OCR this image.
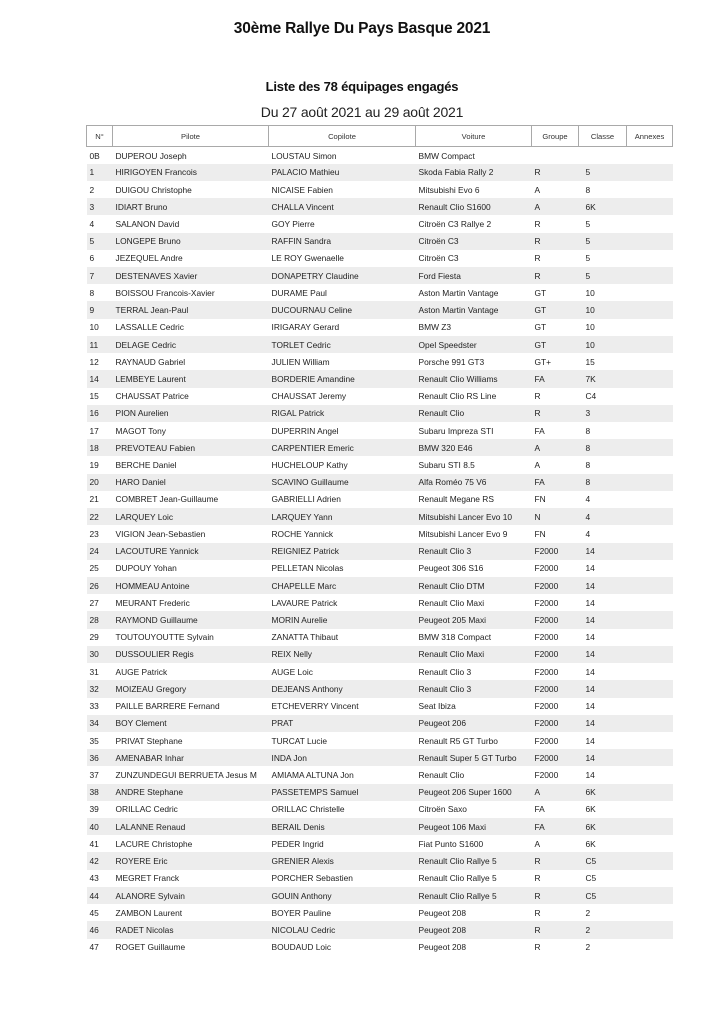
30ème Rallye Du Pays Basque 2021
Liste des 78 équipages engagés
Du 27 août 2021 au 29 août 2021
N°	Pilote	Copilote	Voiture	Groupe	Classe	Annexes
0B	DUPEROU Joseph	LOUSTAU Simon	BMW Compact			
1	HIRIGOYEN Francois	PALACIO Mathieu	Skoda Fabia Rally 2	R	5	
2	DUIGOU Christophe	NICAISE Fabien	Mitsubishi Evo 6	A	8	
3	IDIART Bruno	CHALLA Vincent	Renault Clio S1600	A	6K	
4	SALANON David	GOY Pierre	Citroën C3 Rallye 2	R	5	
5	LONGEPE Bruno	RAFFIN Sandra	Citroën C3	R	5	
6	JEZEQUEL Andre	LE ROY Gwenaelle	Citroën C3	R	5	
7	DESTENAVES Xavier	DONAPETRY Claudine	Ford Fiesta	R	5	
8	BOISSOU Francois-Xavier	DURAME Paul	Aston Martin Vantage	GT	10	
9	TERRAL Jean-Paul	DUCOURNAU Celine	Aston Martin Vantage	GT	10	
10	LASSALLE Cedric	IRIGARAY Gerard	BMW Z3	GT	10	
11	DELAGE Cedric	TORLET Cedric	Opel Speedster	GT	10	
12	RAYNAUD Gabriel	JULIEN William	Porsche 991 GT3	GT+	15	
14	LEMBEYE Laurent	BORDERIE Amandine	Renault Clio Williams	FA	7K	
15	CHAUSSAT Patrice	CHAUSSAT Jeremy	Renault Clio RS Line	R	C4	
16	PION Aurelien	RIGAL Patrick	Renault Clio	R	3	
17	MAGOT Tony	DUPERRIN Angel	Subaru Impreza STI	FA	8	
18	PREVOTEAU Fabien	CARPENTIER Emeric	BMW 320 E46	A	8	
19	BERCHE Daniel	HUCHELOUP Kathy	Subaru STI 8.5	A	8	
20	HARO Daniel	SCAVINO Guillaume	Alfa Roméo 75 V6	FA	8	
21	COMBRET Jean-Guillaume	GABRIELLI Adrien	Renault Megane RS	FN	4	
22	LARQUEY Loic	LARQUEY Yann	Mitsubishi Lancer Evo 10	N	4	
23	VIGION Jean-Sebastien	ROCHE Yannick	Mitsubishi Lancer Evo 9	FN	4	
24	LACOUTURE Yannick	REIGNIEZ Patrick	Renault Clio 3	F2000	14	
25	DUPOUY Yohan	PELLETAN Nicolas	Peugeot 306 S16	F2000	14	
26	HOMMEAU Antoine	CHAPELLE Marc	Renault Clio DTM	F2000	14	
27	MEURANT Frederic	LAVAURE Patrick	Renault Clio Maxi	F2000	14	
28	RAYMOND Guillaume	MORIN Aurelie	Peugeot 205 Maxi	F2000	14	
29	TOUTOUYOUTTE Sylvain	ZANATTA Thibaut	BMW 318 Compact	F2000	14	
30	DUSSOULIER Regis	REIX Nelly	Renault Clio Maxi	F2000	14	
31	AUGE Patrick	AUGE Loic	Renault Clio 3	F2000	14	
32	MOIZEAU Gregory	DEJEANS Anthony	Renault Clio 3	F2000	14	
33	PAILLE BARRERE Fernand	ETCHEVERRY Vincent	Seat Ibiza	F2000	14	
34	BOY Clement	PRAT	Peugeot 206	F2000	14	
35	PRIVAT Stephane	TURCAT Lucie	Renault R5 GT Turbo	F2000	14	
36	AMENABAR Inhar	INDA Jon	Renault Super 5 GT Turbo	F2000	14	
37	ZUNZUNDEGUI BERRUETA Jesus M	AMIAMA ALTUNA Jon	Renault Clio	F2000	14	
38	ANDRE Stephane	PASSETEMPS Samuel	Peugeot 206 Super 1600	A	6K	
39	ORILLAC Cedric	ORILLAC Christelle	Citroën Saxo	FA	6K	
40	LALANNE Renaud	BERAIL Denis	Peugeot 106 Maxi	FA	6K	
41	LACURE Christophe	PEDER Ingrid	Fiat Punto S1600	A	6K	
42	ROYERE Eric	GRENIER Alexis	Renault Clio Rallye 5	R	C5	
43	MEGRET Franck	PORCHER Sebastien	Renault Clio Rallye 5	R	C5	
44	ALANORE Sylvain	GOUIN Anthony	Renault Clio Rallye 5	R	C5	
45	ZAMBON Laurent	BOYER Pauline	Peugeot 208	R	2	
46	RADET Nicolas	NICOLAU Cedric	Peugeot 208	R	2	
47	ROGET Guillaume	BOUDAUD Loic	Peugeot 208	R	2	
